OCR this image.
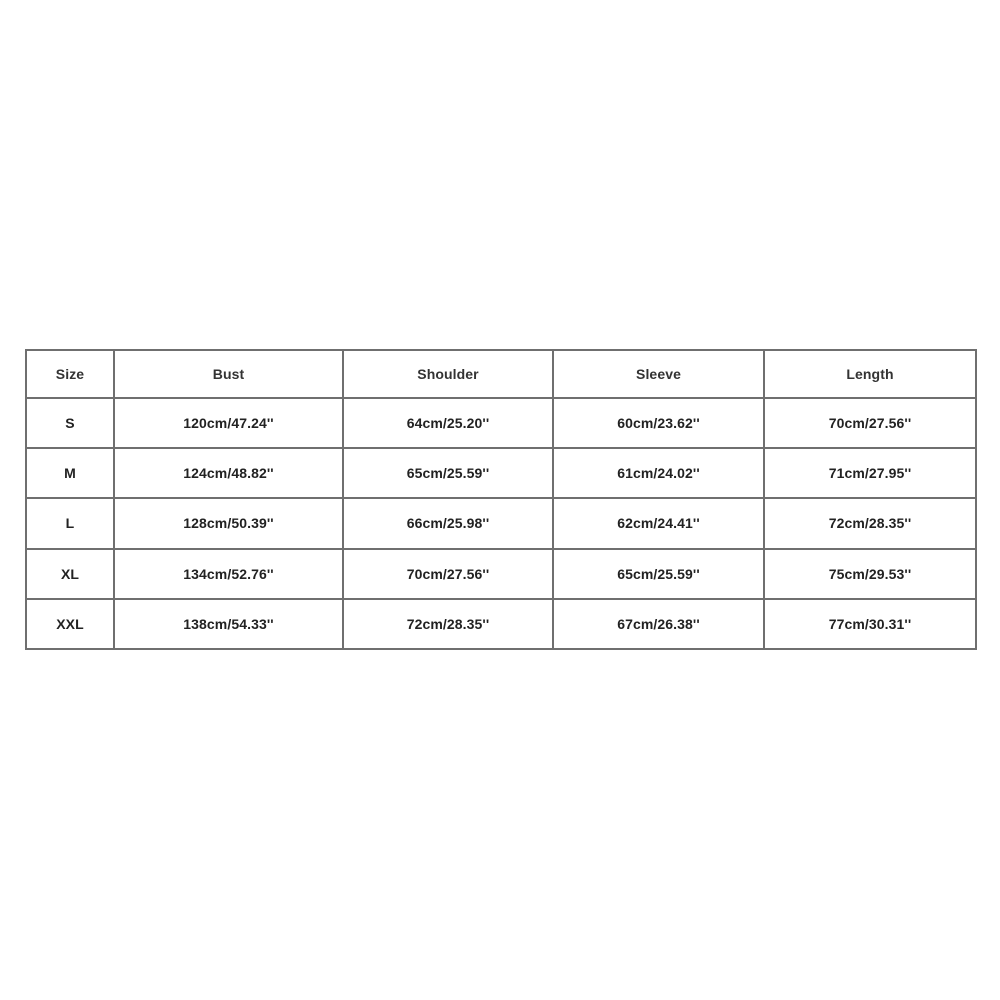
Size	Bust	Shoulder	Sleeve	Length
S	120cm/47.24''	64cm/25.20''	60cm/23.62''	70cm/27.56''
M	124cm/48.82''	65cm/25.59''	61cm/24.02''	71cm/27.95''
L	128cm/50.39''	66cm/25.98''	62cm/24.41''	72cm/28.35''
XL	134cm/52.76''	70cm/27.56''	65cm/25.59''	75cm/29.53''
XXL	138cm/54.33''	72cm/28.35''	67cm/26.38''	77cm/30.31''
